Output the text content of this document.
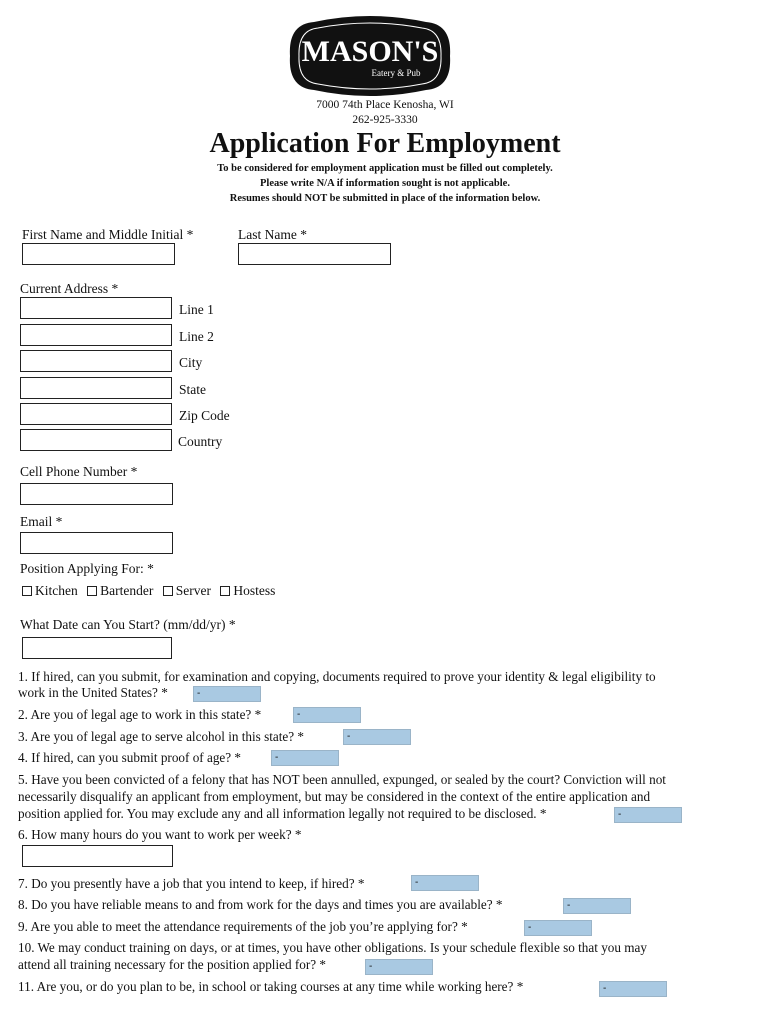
MASON'S
Eatery & Pub
7000 74th Place Kenosha, WI
262-925-3330
Application For Employment
To be considered for employment application must be filled out completely.
Please write N/A if information sought is not applicable.
Resumes should NOT be submitted in place of the information below.
First Name and Middle Initial *	Last Name *
Current Address *
Line 1
Line 2
City
State
Zip Code
Country
Cell Phone Number *
Email *
Position Applying For: *
Kitchen
Bartender
Server
Hostess
What Date can You Start? (mm/dd/yr) *
1. If hired, can you submit, for examination and copying, documents required to prove your identity & legal eligibility to
work in the United States? *	-
2. Are you of legal age to work in this state? *	-
3. Are you of legal age to serve alcohol in this state? *	-
4. If hired, can you submit proof of age? *	-
5. Have you been convicted of a felony that has NOT been annulled, expunged, or sealed by the court? Conviction will not
necessarily disqualify an applicant from employment, but may be considered in the context of the entire application and
position applied for. You may exclude any and all information legally not required to be disclosed. *	-
6. How many hours do you want to work per week? *
7. Do you presently have a job that you intend to keep, if hired? *	-
8. Do you have reliable means to and from work for the days and times you are available? *	-
9. Are you able to meet the attendance requirements of the job you’re applying for? *	-
10. We may conduct training on days, or at times, you have other obligations. Is your schedule flexible so that you may
attend all training necessary for the position applied for? *	-
11. Are you, or do you plan to be, in school or taking courses at any time while working here? *	-
